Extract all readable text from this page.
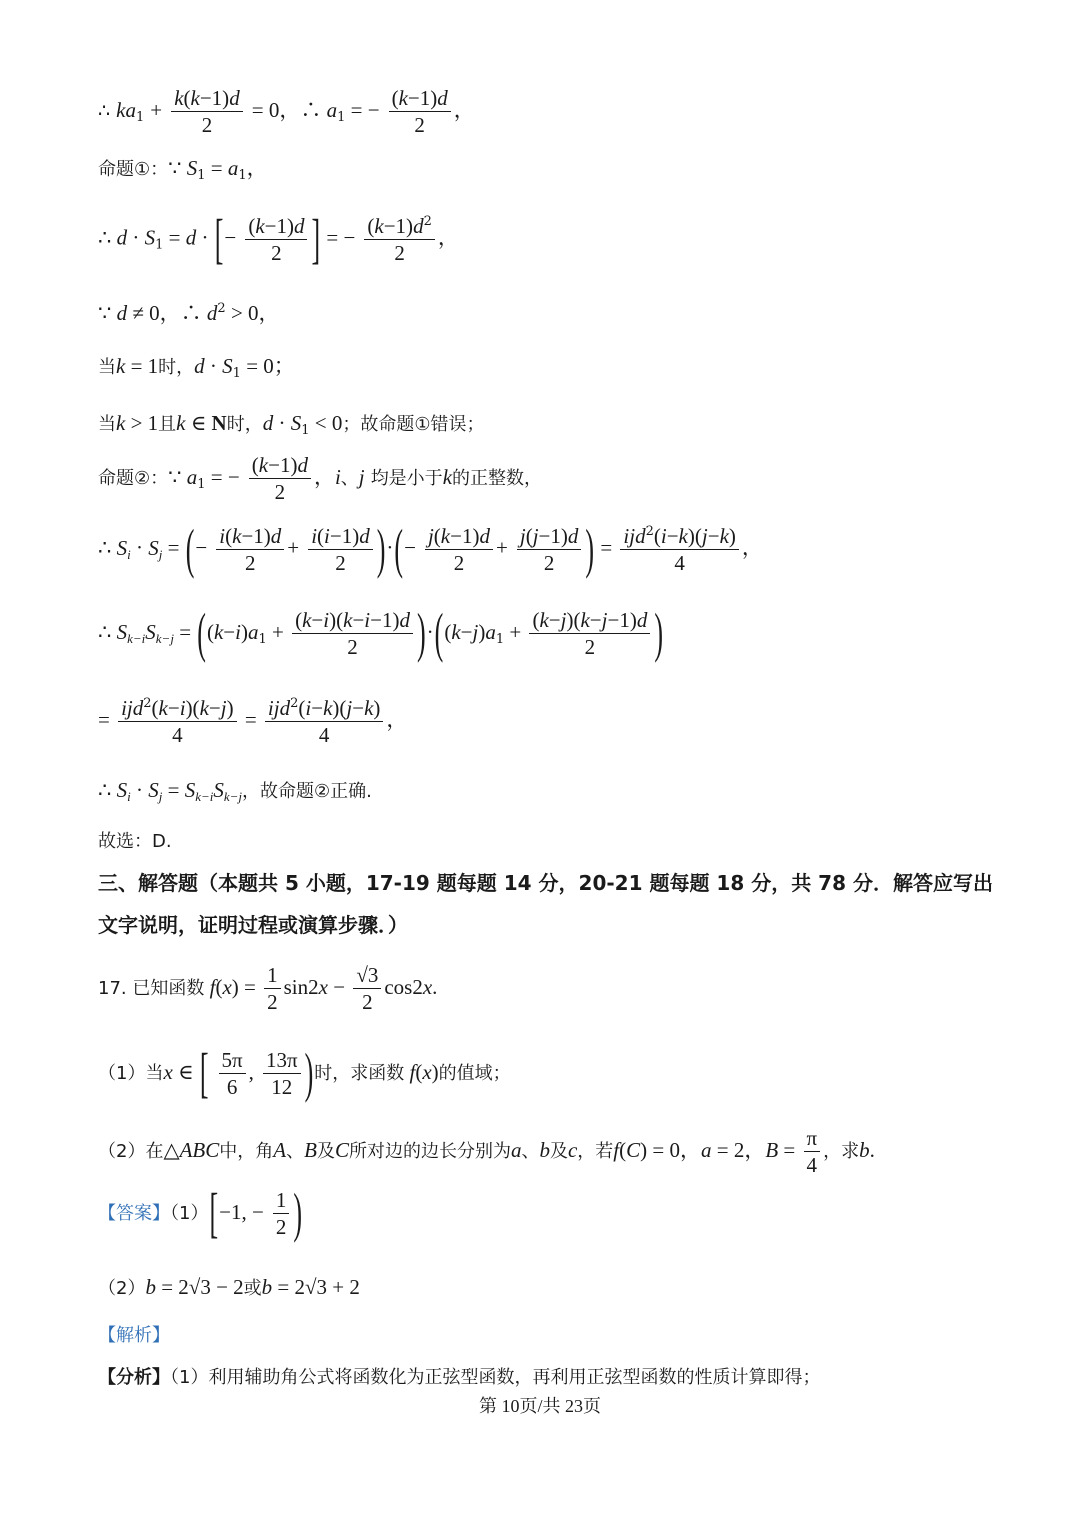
∴ $ka_1 + \frac{k(k-1)d}{2} = 0$，∴ $a_1$ = − $\frac{(k-1)d}{2}$ ，
命题①：∵ $S_1 = a_1$，
∴ $d \cdot S_1 = d$ · [− $\frac{(k-1)d}{2}$ ] = − $\frac{(k-1)d^2}{2}$ ，
∵ d ≠ 0，∴ $d^2 > 0$，
当k = 1时，$d \cdot S_1 = 0$；
当k > 1且k ∈ N时，$d \cdot S_1 < 0$；故命题①错误；
命题②：∵ $a_1$ = − $\frac{(k-1)d}{2}$ ，i、j 均是小于k的正整数，
∴ $S_i \cdot S_j$ = (− $\frac{i(k-1)d}{2} + \frac{i(i-1)d}{2}$ )·(− $\frac{j(k-1)d}{2} + \frac{j(j-1)d}{2}$ ) = $\frac{ijd^2(i-k)(j-k)}{4}$ ，
∴ $S_{k-i}S_{k-j} = ((k-i)a_1 + \frac{(k-i)(k-i-1)d}{2} )\cdot((k-j)a_1 + \frac{(k-j)(k-j-1)d}{2}$ )
= $\frac{ijd^2(k-i)(k-j)}{4} = \frac{ijd^2(i-k)(j-k)}{4}$ ，
∴ $S_i \cdot S_j = S_{k-i}S_{k-j}$，故命题②正确.
故选：D.
三、解答题（本题共 5 小题，17-19 题每题 14 分，20-21 题每题 18 分，共 78 分．解答应写出
文字说明，证明过程或演算步骤．）
17. 已知函数 $f(x) = \frac{1}{2} \sin 2x - \frac{√3}{2} \cos 2x$.
（1）当x ∈ [ $\frac{5\pi}{6}$ , $\frac{13\pi}{12}$ )时，求函数 f(x)的值域；
（2）在△ABC中，角A、B及C所对边的边长分别为a、b及c，若f(C) = 0，a = 2，$B = \frac{\pi}{4}$ ，求b.
【答案】（1）[−1, − $\frac{1}{2}$ )
（2）b = 2√3 − 2或b = 2√3 + 2
【解析】
【分析】（1）利用辅助角公式将函数化为正弦型函数，再利用正弦型函数的性质计算即得；
第 10页/共 23页
